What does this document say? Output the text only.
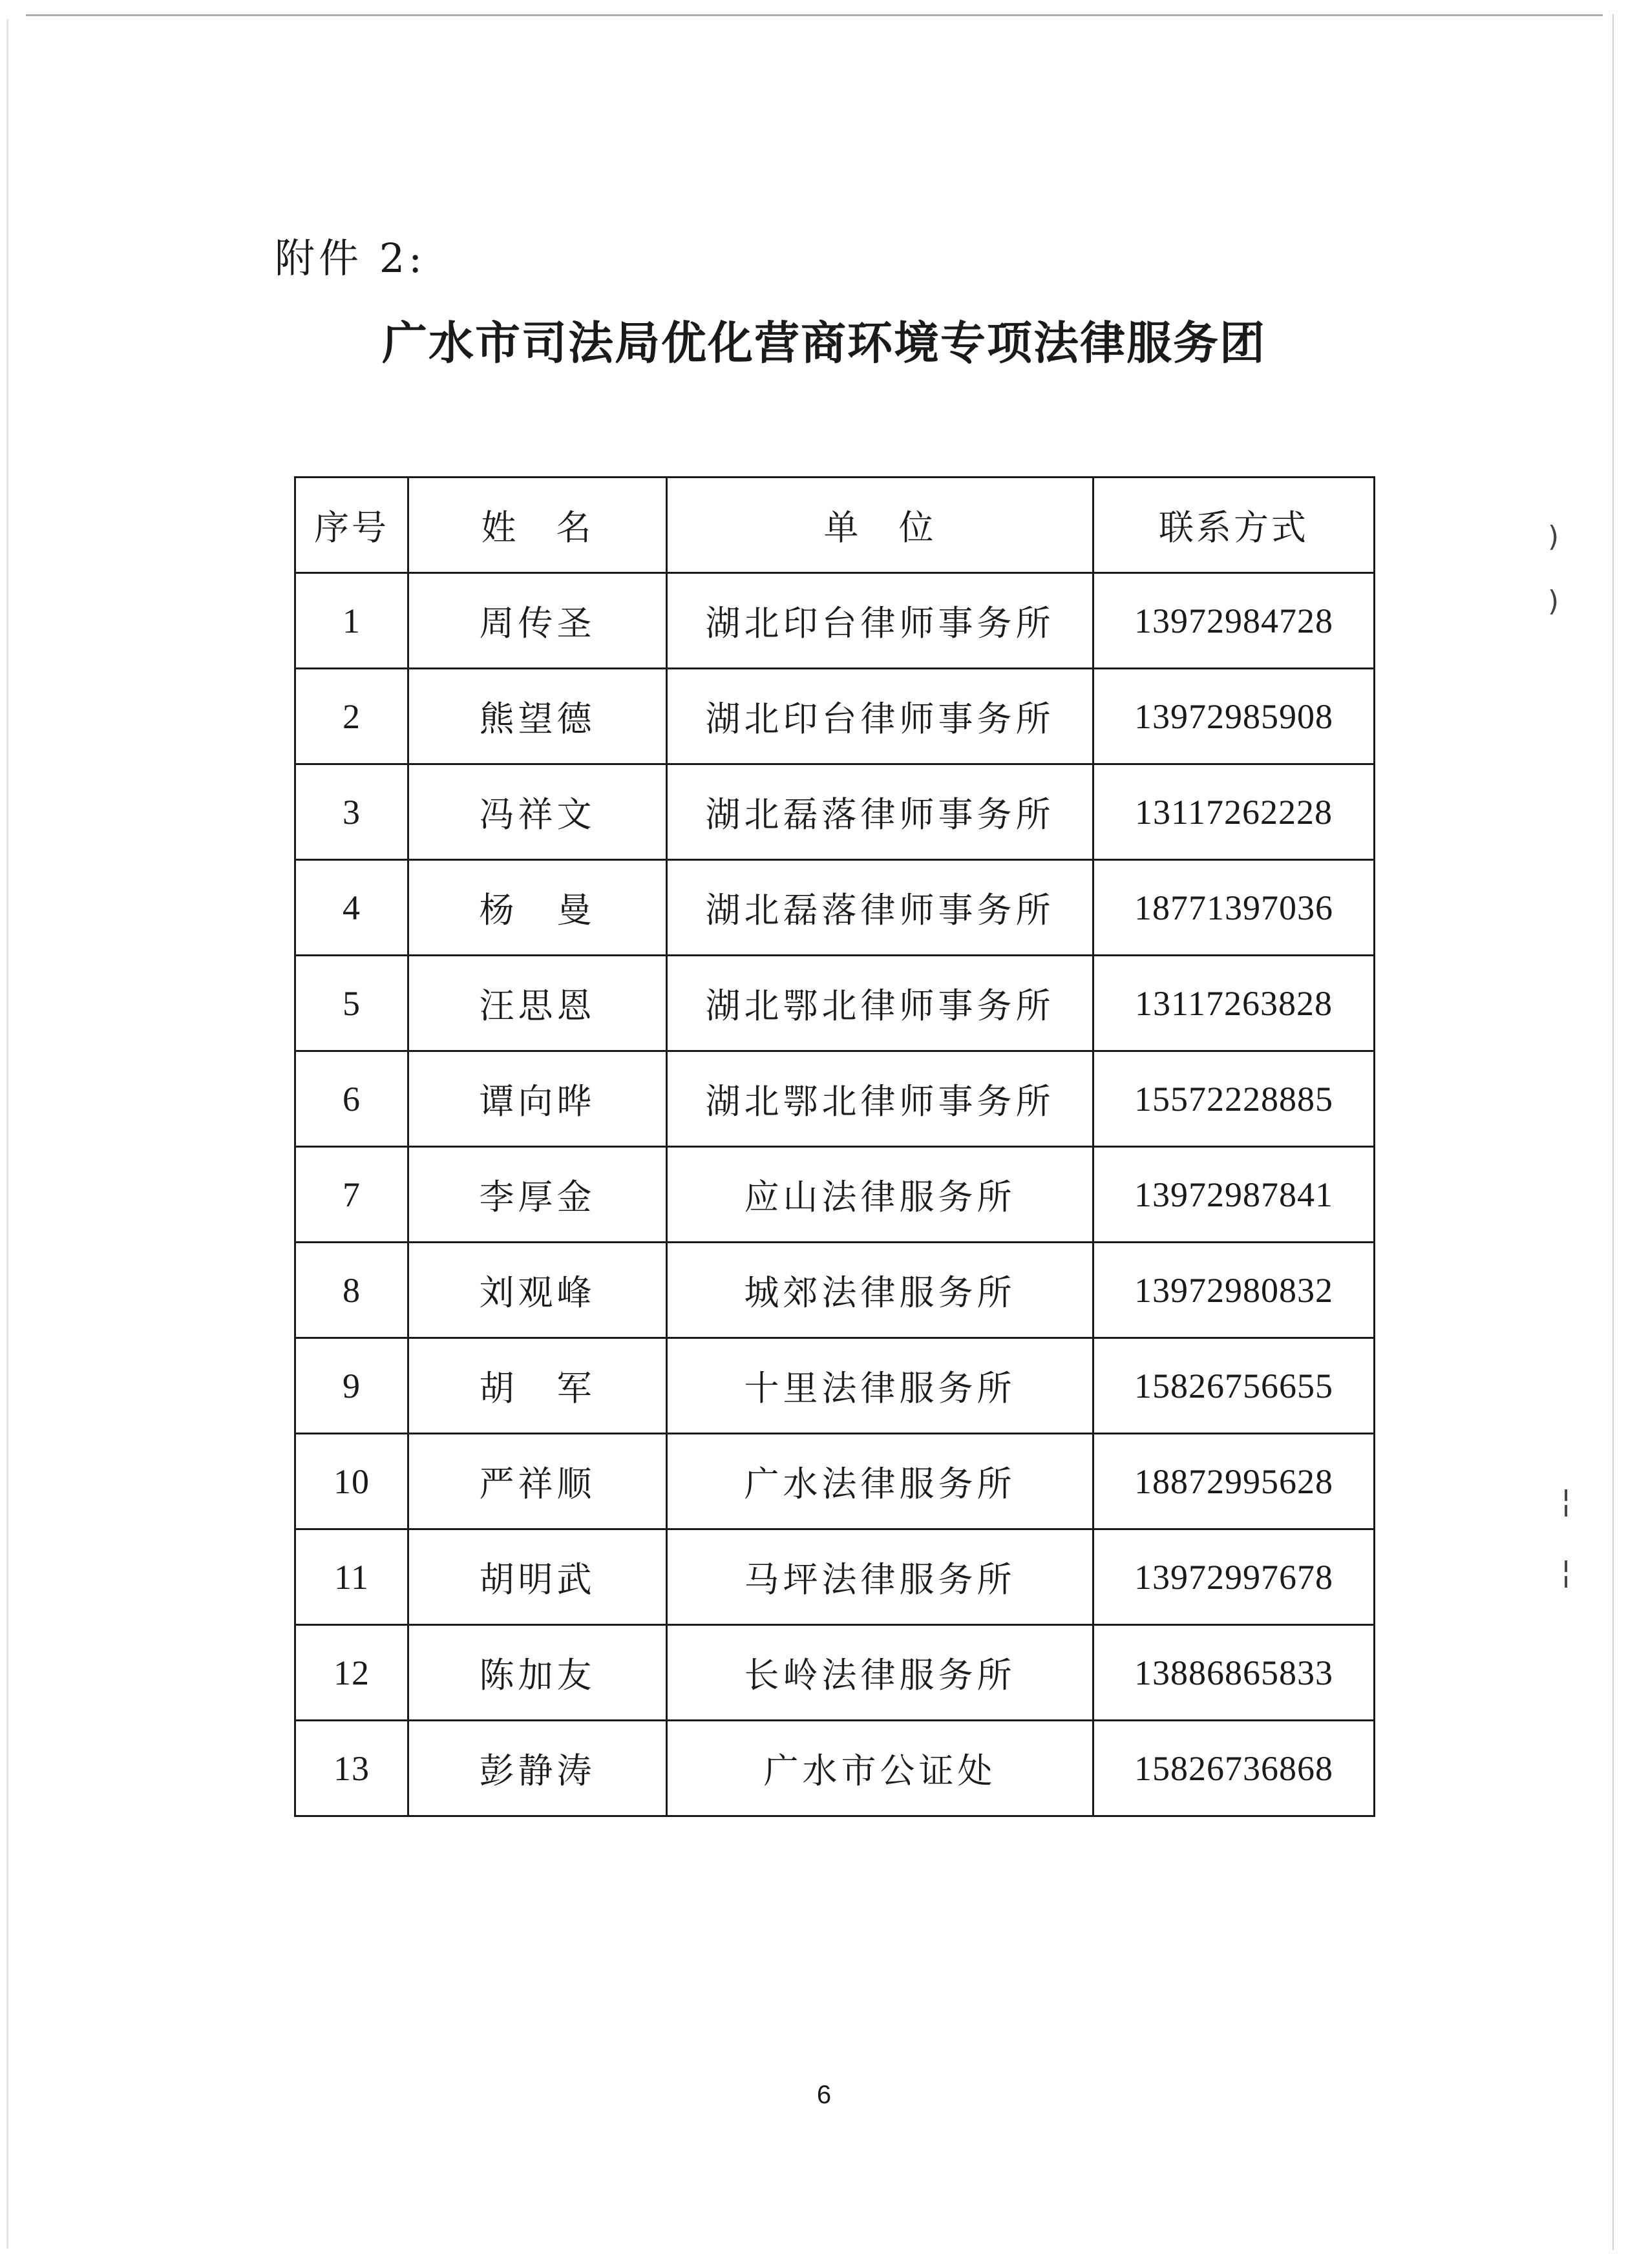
附件 2:
广水市司法局优化营商环境专项法律服务团
序号	姓　名	单　位	联系方式
1	周传圣	湖北印台律师事务所	13972984728
2	熊望德	湖北印台律师事务所	13972985908
3	冯祥文	湖北磊落律师事务所	13117262228
4	杨　曼	湖北磊落律师事务所	18771397036
5	汪思恩	湖北鄂北律师事务所	13117263828
6	谭向晔	湖北鄂北律师事务所	15572228885
7	李厚金	应山法律服务所	13972987841
8	刘观峰	城郊法律服务所	13972980832
9	胡　军	十里法律服务所	15826756655
10	严祥顺	广水法律服务所	18872995628
11	胡明武	马坪法律服务所	13972997678
12	陈加友	长岭法律服务所	13886865833
13	彭静涛	广水市公证处	15826736868
)
)
¦
¦
6
